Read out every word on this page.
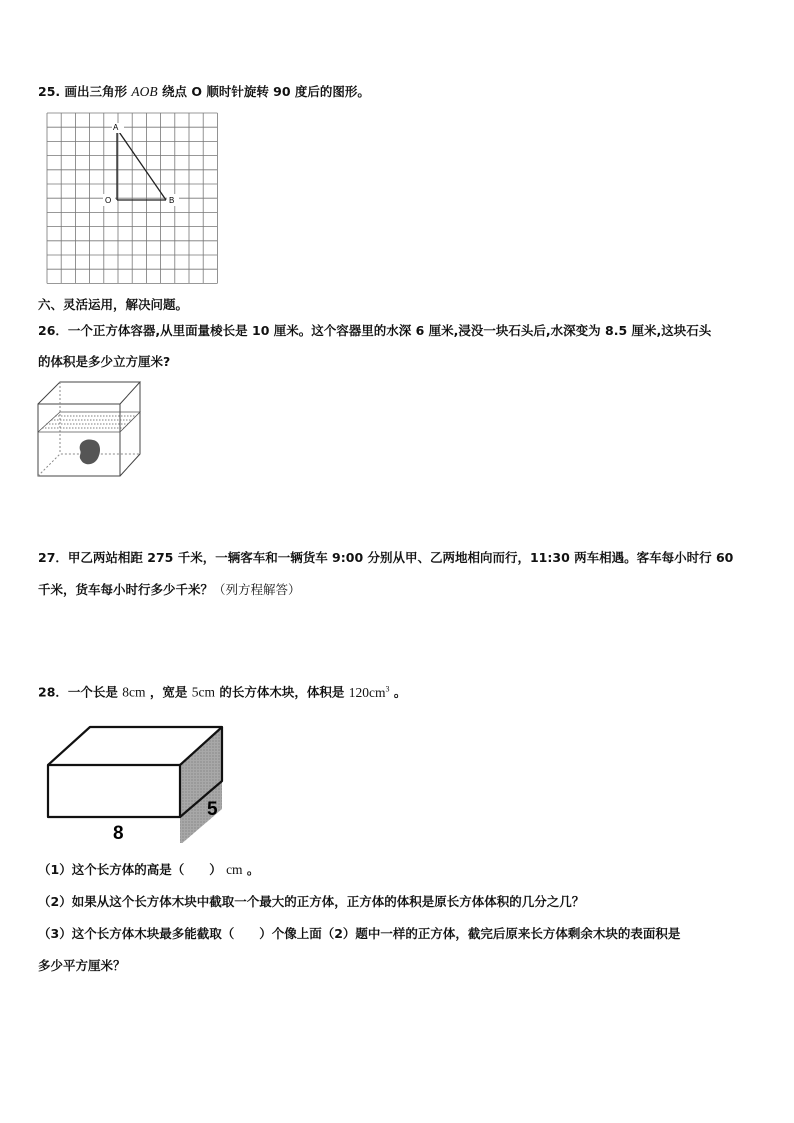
25. 画出三角形 AOB 绕点 O 顺时针旋转 90 度后的图形。
A
O	B
六、灵活运用，解决问题。
26．一个正方体容器,从里面量棱长是 10 厘米。这个容器里的水深 6 厘米,浸没一块石头后,水深变为 8.5 厘米,这块石头
的体积是多少立方厘米?
27．甲乙两站相距 275 千米，一辆客车和一辆货车 9:00 分别从甲、乙两地相向而行，11:30 两车相遇。客车每小时行 60
千米，货车每小时行多少千米？（列方程解答）
28．一个长是 8cm ，宽是 5cm 的长方体木块，体积是 $120cm^3$ 。
5
8
（1）这个长方体的高是（　　） cm 。
（2）如果从这个长方体木块中截取一个最大的正方体，正方体的体积是原长方体体积的几分之几？
（3）这个长方体木块最多能截取（　　）个像上面（2）题中一样的正方体，截完后原来长方体剩余木块的表面积是
多少平方厘米？
